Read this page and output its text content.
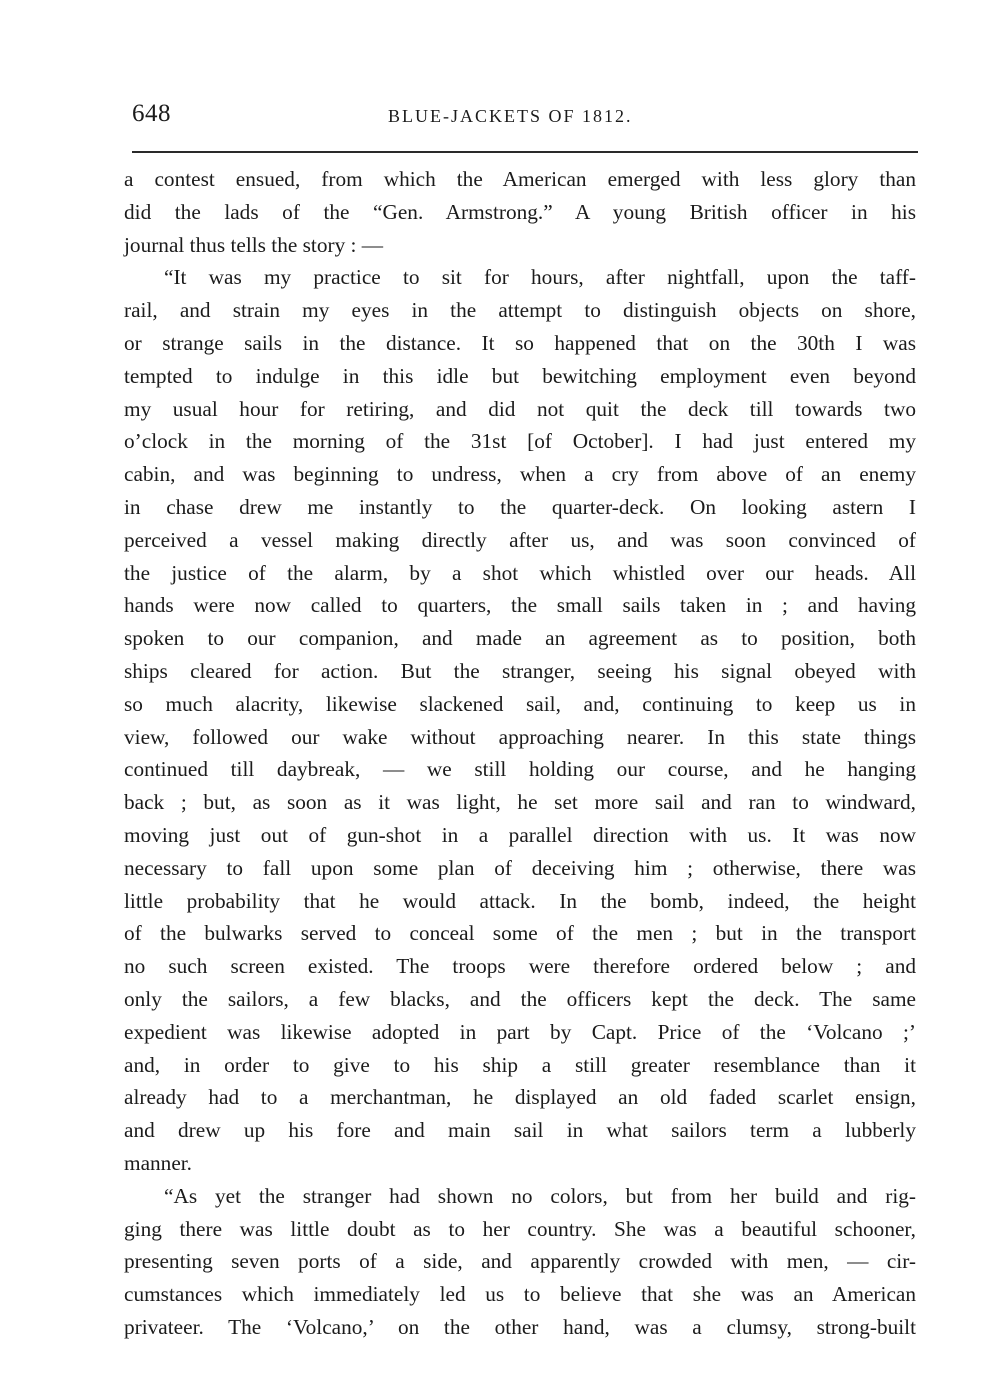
648	BLUE-JACKETS OF 1812.

a contest ensued, from which the American emerged with less glory than

did the lads of the “Gen. Armstrong.” A young British officer in his

journal thus tells the story : —

“It was my practice to sit for hours, after nightfall, upon the taff-

rail, and strain my eyes in the attempt to distinguish objects on shore,

or strange sails in the distance. It so happened that on the 30th I was

tempted to indulge in this idle but bewitching employment even beyond

my usual hour for retiring, and did not quit the deck till towards two

o’clock in the morning of the 31st [of October]. I had just entered my

cabin, and was beginning to undress, when a cry from above of an enemy

in chase drew me instantly to the quarter-deck. On looking astern I

perceived a vessel making directly after us, and was soon convinced of

the justice of the alarm, by a shot which whistled over our heads. All

hands were now called to quarters, the small sails taken in ; and having

spoken to our companion, and made an agreement as to position, both

ships cleared for action. But the stranger, seeing his signal obeyed with

so much alacrity, likewise slackened sail, and, continuing to keep us in

view, followed our wake without approaching nearer. In this state things

continued till daybreak, — we still holding our course, and he hanging

back ; but, as soon as it was light, he set more sail and ran to windward,

moving just out of gun-shot in a parallel direction with us. It was now

necessary to fall upon some plan of deceiving him ; otherwise, there was

little probability that he would attack. In the bomb, indeed, the height

of the bulwarks served to conceal some of the men ; but in the transport

no such screen existed. The troops were therefore ordered below ; and

only the sailors, a few blacks, and the officers kept the deck. The same

expedient was likewise adopted in part by Capt. Price of the ‘Volcano ;’

and, in order to give to his ship a still greater resemblance than it

already had to a merchantman, he displayed an old faded scarlet ensign,

and drew up his fore and main sail in what sailors term a lubberly

manner.

“As yet the stranger had shown no colors, but from her build and rig-

ging there was little doubt as to her country. She was a beautiful schooner,

presenting seven ports of a side, and apparently crowded with men, — cir-

cumstances which immediately led us to believe that she was an American

privateer. The ‘Volcano,’ on the other hand, was a clumsy, strong-built
